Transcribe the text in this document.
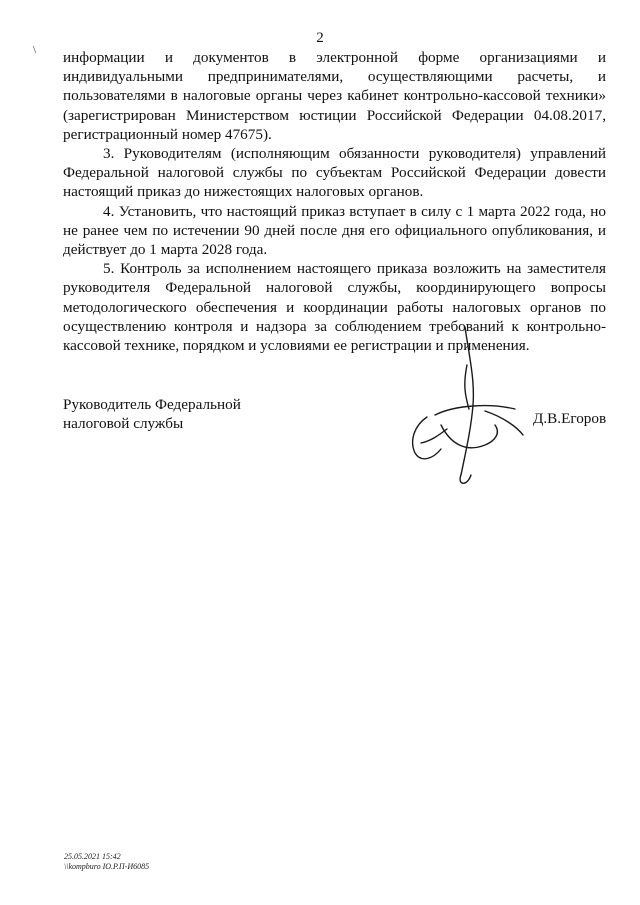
2
\ информации и документов в электронной форме организациями и индивидуальными предпринимателями, осуществляющими расчеты, и пользователями в налоговые органы через кабинет контрольно-кассовой техники» (зарегистрирован Министерством юстиции Российской Федерации 04.08.2017, регистрационный номер 47675).

3. Руководителям (исполняющим обязанности руководителя) управлений Федеральной налоговой службы по субъектам Российской Федерации довести настоящий приказ до нижестоящих налоговых органов.

4. Установить, что настоящий приказ вступает в силу с 1 марта 2022 года, но не ранее чем по истечении 90 дней после дня его официального опубликования, и действует до 1 марта 2028 года.

5. Контроль за исполнением настоящего приказа возложить на заместителя руководителя Федеральной налоговой службы, координирующего вопросы методологического обеспечения и координации работы налоговых органов по осуществлению контроля и надзора за соблюдением требований к контрольно-кассовой технике, порядком и условиями ее регистрации и применения.

Руководитель Федеральной
налоговой службы	Д.В.Егоров
25.05.2021 15:42
\\kompburo IO.P.П-И6085
